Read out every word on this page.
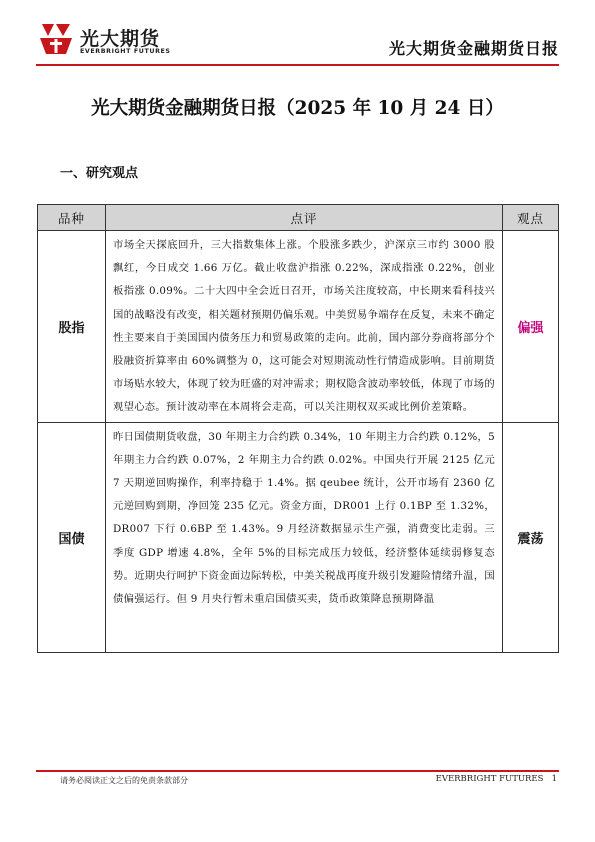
光大期货
EVERBRIGHT FUTURES	光大期货金融期货日报
光大期货金融期货日报（2025 年 10 月 24 日）
一、研究观点
品种	点评	观点
股指	市场全天探底回升，三大指数集体上涨。个股涨多跌少，沪深京三市约 3000 股飘红，今日成交 1.66 万亿。截止收盘沪指涨 0.22%，深成指涨 0.22%，创业板指涨 0.09%。二十大四中全会近日召开，市场关注度较高，中长期来看科技兴国的战略没有改变，相关题材预期仍偏乐观。中美贸易争端存在反复，未来不确定性主要来自于美国国内债务压力和贸易政策的走向。此前，国内部分券商将部分个股融资折算率由 60%调整为 0，这可能会对短期流动性行情造成影响。目前期货市场贴水较大，体现了较为旺盛的对冲需求；期权隐含波动率较低，体现了市场的观望心态。预计波动率在本周将会走高，可以关注期权双买或比例价差策略。	偏强
国债	昨日国债期货收盘，30 年期主力合约跌 0.34%，10 年期主力合约跌 0.12%，5 年期主力合约跌 0.07%，2 年期主力合约跌 0.02%。中国央行开展 2125 亿元 7 天期逆回购操作，利率持稳于 1.4%。据 qeubee 统计，公开市场有 2360 亿元逆回购到期，净回笼 235 亿元。资金方面，DR001 上行 0.1BP 至 1.32%，DR007 下行 0.6BP 至 1.43%。9 月经济数据显示生产强，消费变比走弱。三季度 GDP 增速 4.8%，全年 5%的目标完成压力较低，经济整体延续弱修复态势。近期央行呵护下资金面边际转松，中美关税战再度升级引发避险情绪升温，国债偏强运行。但 9 月央行暂未重启国债买卖，货币政策降息预期降温	震荡
请务必阅读正文之后的免责条款部分	EVERBRIGHT FUTURES 1
